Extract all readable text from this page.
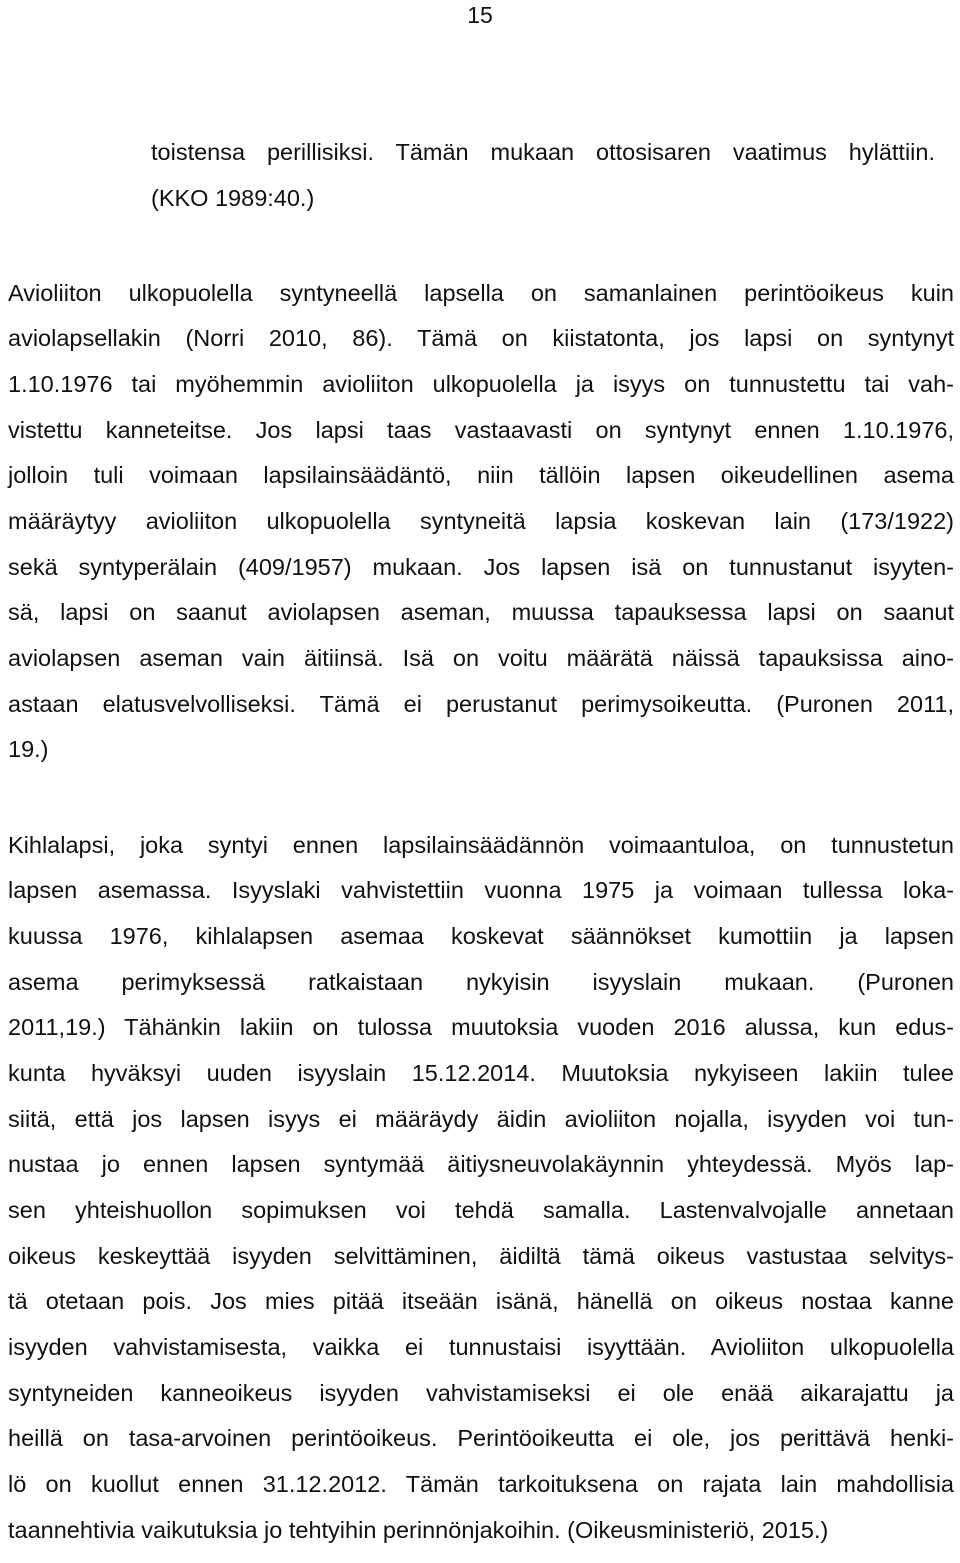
15
toistensa perillisiksi. Tämän mukaan ottosisaren vaatimus hylättiin.
(KKO 1989:40.)
Avioliiton ulkopuolella syntyneellä lapsella on samanlainen perintöoikeus kuin
aviolapsellakin (Norri 2010, 86). Tämä on kiistatonta, jos lapsi on syntynyt
1.10.1976 tai myöhemmin avioliiton ulkopuolella ja isyys on tunnustettu tai vah-
vistettu kanneteitse. Jos lapsi taas vastaavasti on syntynyt ennen 1.10.1976,
jolloin tuli voimaan lapsilainsäädäntö, niin tällöin lapsen oikeudellinen asema
määräytyy avioliiton ulkopuolella syntyneitä lapsia koskevan lain (173/1922)
sekä syntyperälain (409/1957) mukaan. Jos lapsen isä on tunnustanut isyyten-
sä, lapsi on saanut aviolapsen aseman, muussa tapauksessa lapsi on saanut
aviolapsen aseman vain äitiinsä. Isä on voitu määrätä näissä tapauksissa aino-
astaan elatusvelvolliseksi. Tämä ei perustanut perimysoikeutta. (Puronen 2011,
19.)
Kihlalapsi, joka syntyi ennen lapsilainsäädännön voimaantuloa, on tunnustetun
lapsen asemassa. Isyyslaki vahvistettiin vuonna 1975 ja voimaan tullessa loka-
kuussa 1976, kihlalapsen asemaa koskevat säännökset kumottiin ja lapsen
asema perimyksessä ratkaistaan nykyisin isyyslain mukaan. (Puronen
2011,19.) Tähänkin lakiin on tulossa muutoksia vuoden 2016 alussa, kun edus-
kunta hyväksyi uuden isyyslain 15.12.2014. Muutoksia nykyiseen lakiin tulee
siitä, että jos lapsen isyys ei määräydy äidin avioliiton nojalla, isyyden voi tun-
nustaa jo ennen lapsen syntymää äitiysneuvolakäynnin yhteydessä. Myös lap-
sen yhteishuollon sopimuksen voi tehdä samalla. Lastenvalvojalle annetaan
oikeus keskeyttää isyyden selvittäminen, äidiltä tämä oikeus vastustaa selvitys-
tä otetaan pois. Jos mies pitää itseään isänä, hänellä on oikeus nostaa kanne
isyyden vahvistamisesta, vaikka ei tunnustaisi isyyttään. Avioliiton ulkopuolella
syntyneiden kanneoikeus isyyden vahvistamiseksi ei ole enää aikarajattu ja
heillä on tasa-arvoinen perintöoikeus. Perintöoikeutta ei ole, jos perittävä henki-
lö on kuollut ennen 31.12.2012. Tämän tarkoituksena on rajata lain mahdollisia
taannehtivia vaikutuksia jo tehtyihin perinnönjakoihin. (Oikeusministeriö, 2015.)
